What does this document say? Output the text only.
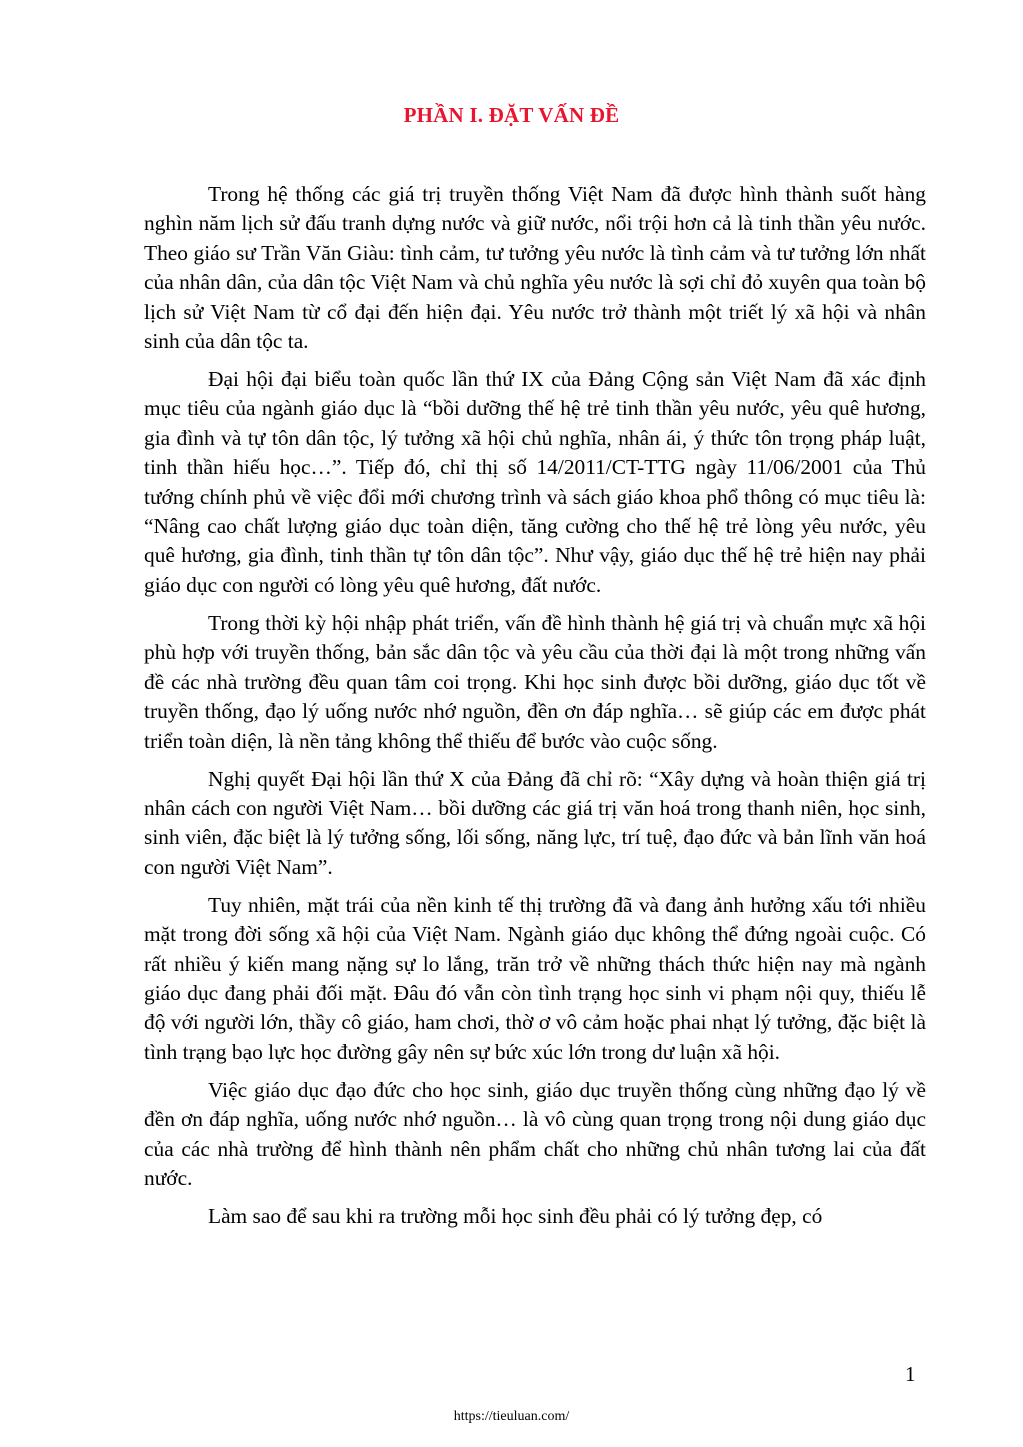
PHẦN I. ĐẶT VẤN ĐỀ

Trong hệ thống các giá trị truyền thống Việt Nam đã được hình thành suốt hàng nghìn năm lịch sử đấu tranh dựng nước và giữ nước, nổi trội hơn cả là tinh thần yêu nước. Theo giáo sư Trần Văn Giàu: tình cảm, tư tưởng yêu nước là tình cảm và tư tưởng lớn nhất của nhân dân, của dân tộc Việt Nam và chủ nghĩa yêu nước là sợi chỉ đỏ xuyên qua toàn bộ lịch sử Việt Nam từ cổ đại đến hiện đại. Yêu nước trở thành một triết lý xã hội và nhân sinh của dân tộc ta.

Đại hội đại biểu toàn quốc lần thứ IX của Đảng Cộng sản Việt Nam đã xác định mục tiêu của ngành giáo dục là “bồi dưỡng thế hệ trẻ tinh thần yêu nước, yêu quê hương, gia đình và tự tôn dân tộc, lý tưởng xã hội chủ nghĩa, nhân ái, ý thức tôn trọng pháp luật, tinh thần hiếu học…”. Tiếp đó, chỉ thị số 14/2011/CT-TTG ngày 11/06/2001 của Thủ tướng chính phủ về việc đổi mới chương trình và sách giáo khoa phổ thông có mục tiêu là: “Nâng cao chất lượng giáo dục toàn diện, tăng cường cho thế hệ trẻ lòng yêu nước, yêu quê hương, gia đình, tinh thần tự tôn dân tộc”. Như vậy, giáo dục thế hệ trẻ hiện nay phải giáo dục con người có lòng yêu quê hương, đất nước.

Trong thời kỳ hội nhập phát triển, vấn đề hình thành hệ giá trị và chuẩn mực xã hội phù hợp với truyền thống, bản sắc dân tộc và yêu cầu của thời đại là một trong những vấn đề các nhà trường đều quan tâm coi trọng. Khi học sinh được bồi dưỡng, giáo dục tốt về truyền thống, đạo lý uống nước nhớ nguồn, đền ơn đáp nghĩa… sẽ giúp các em được phát triển toàn diện, là nền tảng không thể thiếu để bước vào cuộc sống.

Nghị quyết Đại hội lần thứ X của Đảng đã chỉ rõ: “Xây dựng và hoàn thiện giá trị nhân cách con người Việt Nam… bồi dưỡng các giá trị văn hoá trong thanh niên, học sinh, sinh viên, đặc biệt là lý tưởng sống, lối sống, năng lực, trí tuệ, đạo đức và bản lĩnh văn hoá con người Việt Nam”.

Tuy nhiên, mặt trái của nền kinh tế thị trường đã và đang ảnh hưởng xấu tới nhiều mặt trong đời sống xã hội của Việt Nam. Ngành giáo dục không thể đứng ngoài cuộc. Có rất nhiều ý kiến mang nặng sự lo lắng, trăn trở về những thách thức hiện nay mà ngành giáo dục đang phải đối mặt. Đâu đó vẫn còn tình trạng học sinh vi phạm nội quy, thiếu lễ độ với người lớn, thầy cô giáo, ham chơi, thờ ơ vô cảm hoặc phai nhạt lý tưởng, đặc biệt là tình trạng bạo lực học đường gây nên sự bức xúc lớn trong dư luận xã hội.

Việc giáo dục đạo đức cho học sinh, giáo dục truyền thống cùng những đạo lý về đền ơn đáp nghĩa, uống nước nhớ nguồn… là vô cùng quan trọng trong nội dung giáo dục của các nhà trường để hình thành nên phẩm chất cho những chủ nhân tương lai của đất nước.

Làm sao để sau khi ra trường mỗi học sinh đều phải có lý tưởng đẹp, có

1
https://tieuluan.com/
